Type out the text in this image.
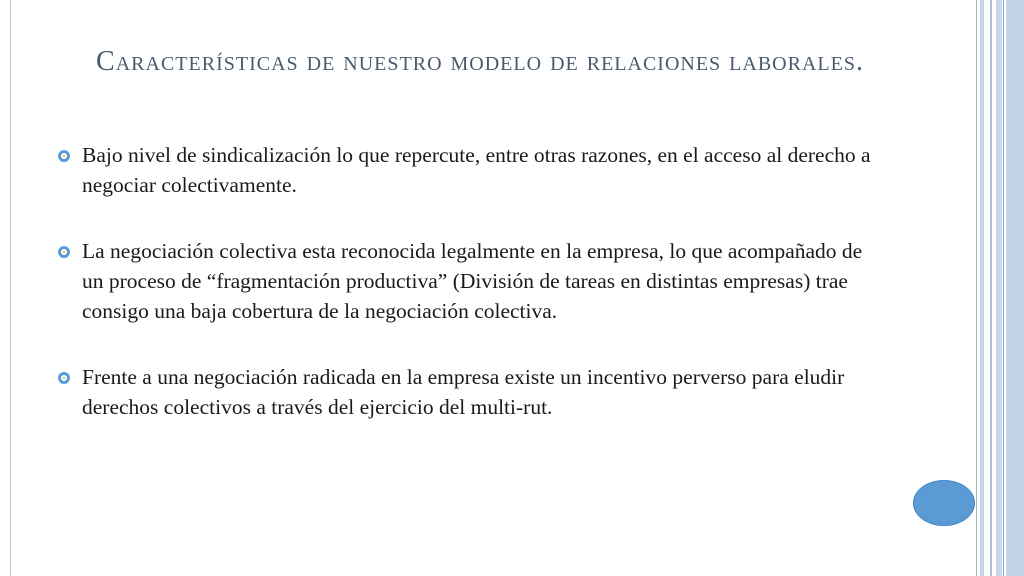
Características de nuestro modelo de relaciones laborales.
Bajo nivel de sindicalización lo que repercute, entre otras razones, en el acceso al derecho a negociar colectivamente.
La negociación colectiva esta reconocida legalmente en la empresa, lo que acompañado de un proceso de “fragmentación productiva” (División de tareas en distintas empresas) trae consigo una baja cobertura de la negociación colectiva.
Frente a una negociación radicada en la empresa existe un incentivo perverso para eludir derechos colectivos a través del ejercicio del multi-rut.
